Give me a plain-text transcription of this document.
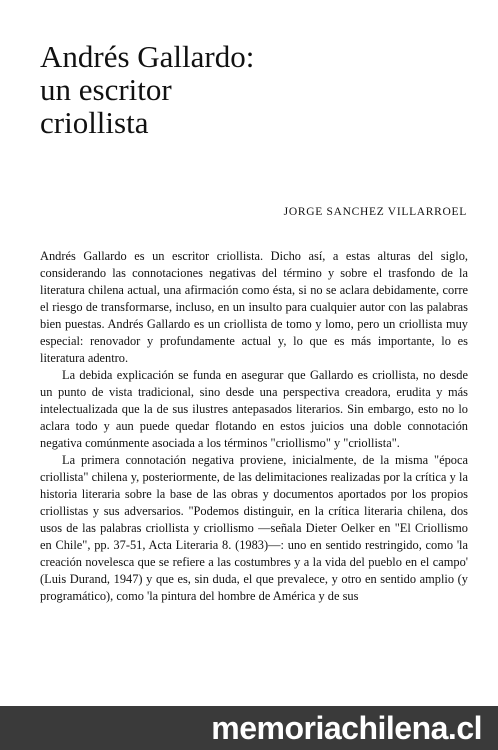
Andrés Gallardo:
un escritor
criollista
JORGE SANCHEZ VILLARROEL

Andrés Gallardo es un escritor criollista. Dicho así, a estas alturas del siglo, considerando las connotaciones negativas del término y sobre el trasfondo de la literatura chilena actual, una afirmación como ésta, si no se aclara debidamente, corre el riesgo de transformarse, incluso, en un insulto para cualquier autor con las palabras bien puestas. Andrés Gallardo es un criollista de tomo y lomo, pero un criollista muy especial: renovador y profundamente actual y, lo que es más importante, lo es literatura adentro.

La debida explicación se funda en asegurar que Gallardo es criollista, no desde un punto de vista tradicional, sino desde una perspectiva creadora, erudita y más intelectualizada que la de sus ilustres antepasados literarios. Sin embargo, esto no lo aclara todo y aun puede quedar flotando en estos juicios una doble connotación negativa comúnmente asociada a los términos "criollismo" y "criollista".

La primera connotación negativa proviene, inicialmente, de la misma "época criollista" chilena y, posteriormente, de las delimitaciones realizadas por la crítica y la historia literaria sobre la base de las obras y documentos aportados por los propios criollistas y sus adversarios. "Podemos distinguir, en la crítica literaria chilena, dos usos de las palabras criollista y criollismo —señala Dieter Oelker en "El Criollismo en Chile", pp. 37-51, Acta Literaria 8. (1983)—: uno en sentido restringido, como 'la creación novelesca que se refiere a las costumbres y a la vida del pueblo en el campo' (Luis Durand, 1947) y que es, sin duda, el que prevalece, y otro en sentido amplio (y programático), como 'la pintura del hombre de América y de sus

memoriachilena.cl
